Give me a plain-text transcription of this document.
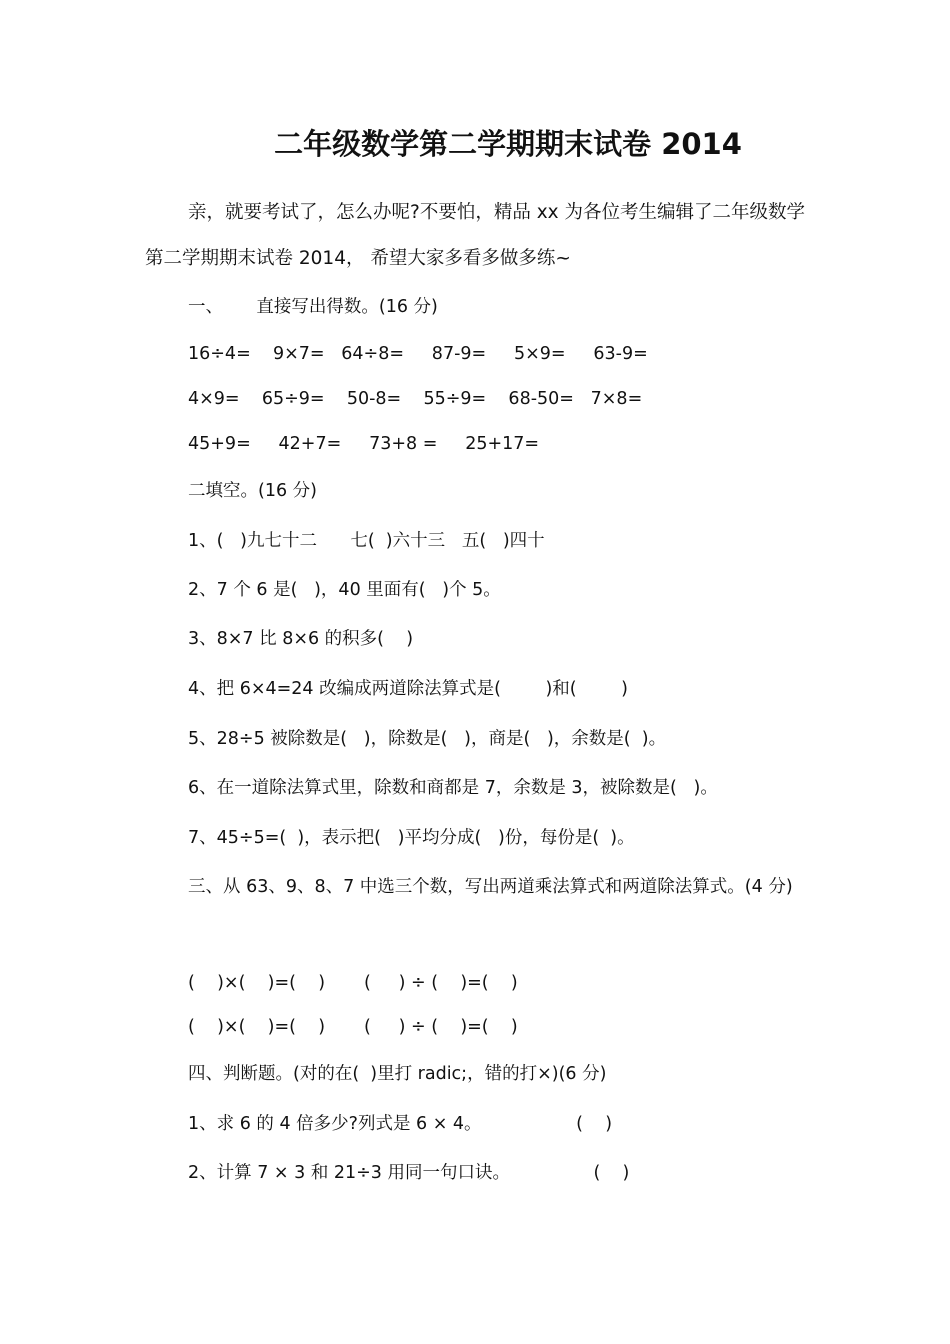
二年级数学第二学期期末试卷 2014

亲，就要考试了，怎么办呢?不要怕，精品 xx 为各位考生编辑了二年级数学第二学期期末试卷 2014， 希望大家多看多做多练~

一、      直接写出得数。(16 分)

16÷4=    9×7=   64÷8=     87-9=     5×9=     63-9=

4×9=    65÷9=    50-8=    55÷9=    68-50=   7×8=

45+9=     42+7=     73+8 =     25+17=

二填空。(16 分)

1、(   )九七十二      七(  )六十三   五(   )四十

2、7 个 6 是(   )，40 里面有(   )个 5。

3、8×7 比 8×6 的积多(    )

4、把 6×4=24 改编成两道除法算式是(        )和(        )

5、28÷5 被除数是(   )，除数是(   )，商是(   )，余数是(  )。

6、在一道除法算式里，除数和商都是 7，余数是 3，被除数是(   )。

7、45÷5=(  )，表示把(   )平均分成(   )份，每份是(  )。

三、从 63、9、8、7 中选三个数，写出两道乘法算式和两道除法算式。(4 分)

(    )×(    )=(    )       (     ) ÷ (    )=(    )

(    )×(    )=(    )       (     ) ÷ (    )=(    )

四、判断题。(对的在(  )里打 radic;，错的打×)(6 分)

1、求 6 的 4 倍多少?列式是 6 × 4。                 (    )

2、计算 7 × 3 和 21÷3 用同一句口诀。               (    )
